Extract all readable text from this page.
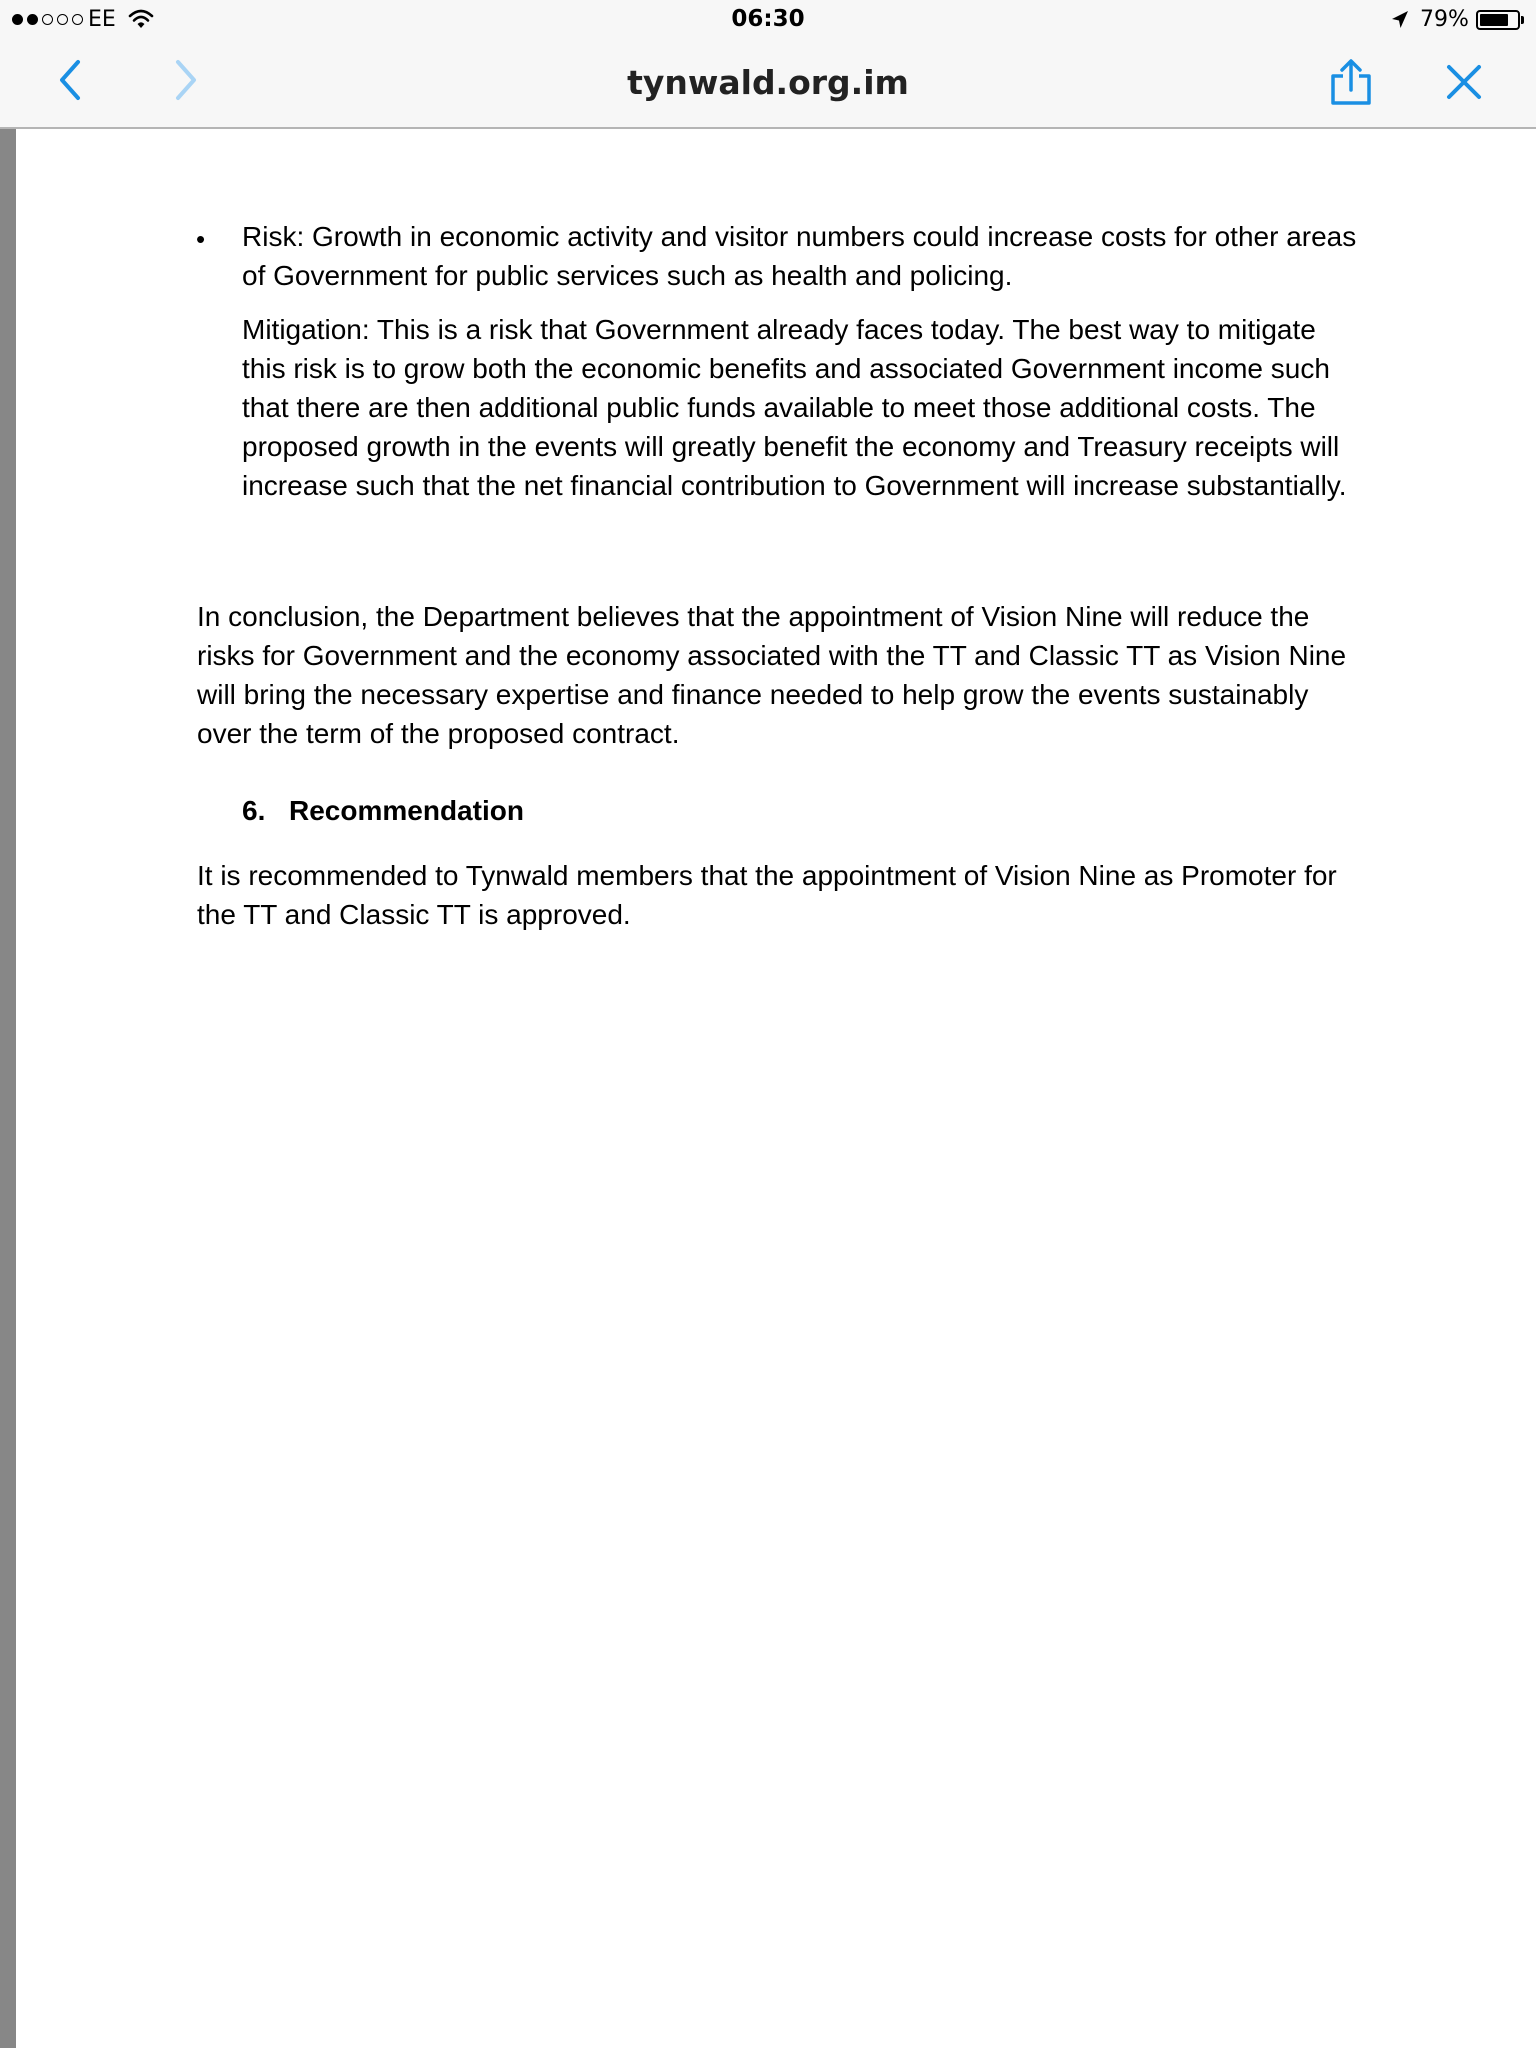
EE	06:30	79%
tynwald.org.im
• Risk: Growth in economic activity and visitor numbers could increase costs for other areas of Government for public services such as health and policing.

Mitigation: This is a risk that Government already faces today. The best way to mitigate this risk is to grow both the economic benefits and associated Government income such that there are then additional public funds available to meet those additional costs. The proposed growth in the events will greatly benefit the economy and Treasury receipts will increase such that the net financial contribution to Government will increase substantially.

In conclusion, the Department believes that the appointment of Vision Nine will reduce the risks for Government and the economy associated with the TT and Classic TT as Vision Nine will bring the necessary expertise and finance needed to help grow the events sustainably over the term of the proposed contract.

6. Recommendation

It is recommended to Tynwald members that the appointment of Vision Nine as Promoter for the TT and Classic TT is approved.
